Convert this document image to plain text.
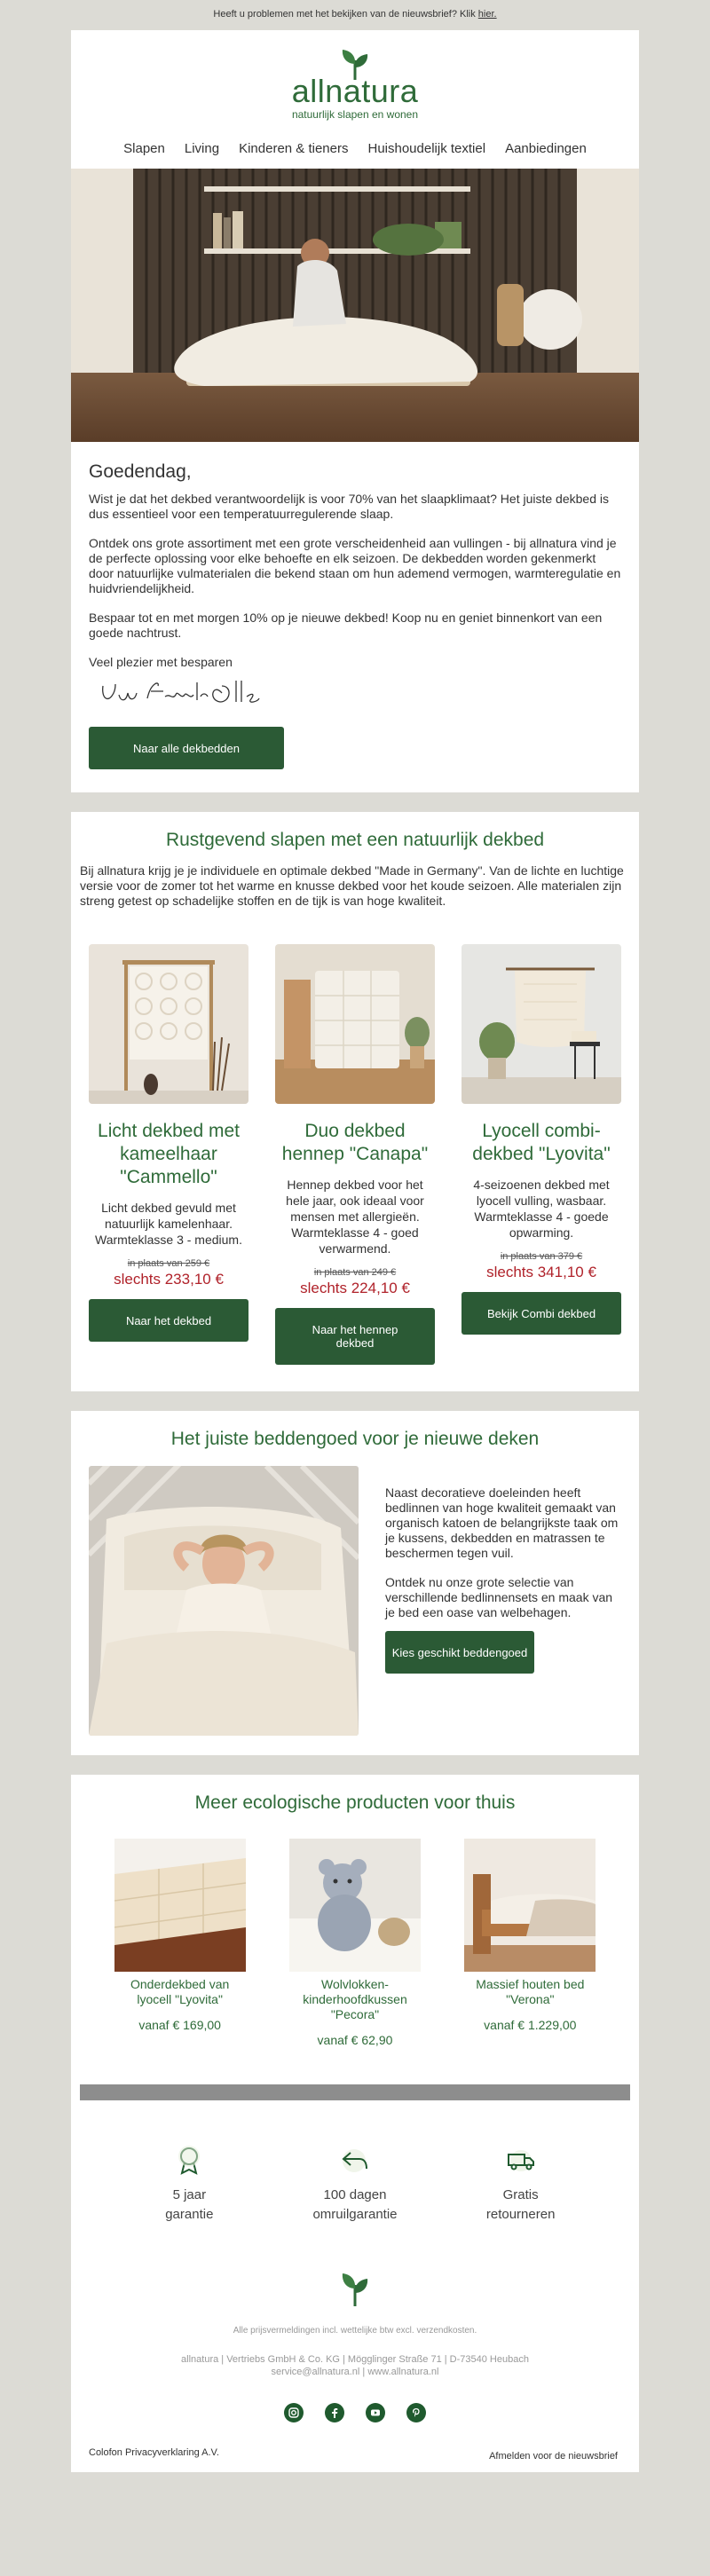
Heeft u problemen met het bekijken van de nieuwsbrief? Klik hier.
allnatura
natuurlijk slapen en wonen
Slapen Living Kinderen & tieners Huishoudelijk textiel Aanbiedingen
Goedendag,

Wist je dat het dekbed verantwoordelijk is voor 70% van het slaapklimaat? Het juiste dekbed is dus essentieel voor een temperatuurregulerende slaap.

Ontdek ons grote assortiment met een grote verscheidenheid aan vullingen - bij allnatura vind je de perfecte oplossing voor elke behoefte en elk seizoen. De dekbedden worden gekenmerkt door natuurlijke vulmaterialen die bekend staan om hun ademend vermogen, warmteregulatie en huidvriendelijkheid.

Bespaar tot en met morgen 10% op je nieuwe dekbed! Koop nu en geniet binnenkort van een goede nachtrust.

Veel plezier met besparen

Naar alle dekbedden
Rustgevend slapen met een natuurlijk dekbed

Bij allnatura krijg je je individuele en optimale dekbed "Made in Germany". Van de lichte en luchtige versie voor de zomer tot het warme en knusse dekbed voor het koude seizoen. Alle materialen zijn streng getest op schadelijke stoffen en de tijk is van hoge kwaliteit.

Licht dekbed met kameelhaar "Cammello"
Licht dekbed gevuld met natuurlijk kamelenhaar. Warmteklasse 3 - medium.
in plaats van 259 €
slechts 233,10 €
Naar het dekbed
Duo dekbed hennep "Canapa"
Hennep dekbed voor het hele jaar, ook ideaal voor mensen met allergieën. Warmteklasse 4 - goed verwarmend.
in plaats van 249 €
slechts 224,10 €
Naar het hennep dekbed
Lyocell combi-dekbed "Lyovita"
4-seizoenen dekbed met lyocell vulling, wasbaar. Warmteklasse 4 - goede opwarming.
in plaats van 379 €
slechts 341,10 €
Bekijk Combi dekbed
Het juiste beddengoed voor je nieuwe deken

Naast decoratieve doeleinden heeft bedlinnen van hoge kwaliteit gemaakt van organisch katoen de belangrijkste taak om je kussens, dekbedden en matrassen te beschermen tegen vuil.

Ontdek nu onze grote selectie van verschillende bedlinnensets en maak van je bed een oase van welbehagen.

Kies geschikt beddengoed
Meer ecologische producten voor thuis
Onderdekbed van lyocell "Lyovita"
vanaf € 169,00
Wolvlokken-kinderhoofdkussen "Pecora"
vanaf € 62,90
Massief houten bed "Verona"
vanaf € 1.229,00
5 jaar
garantie
100 dagen
omruilgarantie
Gratis
retourneren
Alle prijsvermeldingen incl. wettelijke btw excl. verzendkosten.
allnatura | Vertriebs GmbH & Co. KG | Mögglinger Straße 71 | D-73540 Heubach
service@allnatura.nl | www.allnatura.nl
Colofon Privacyverklaring A.V.	Afmelden voor de nieuwsbrief
